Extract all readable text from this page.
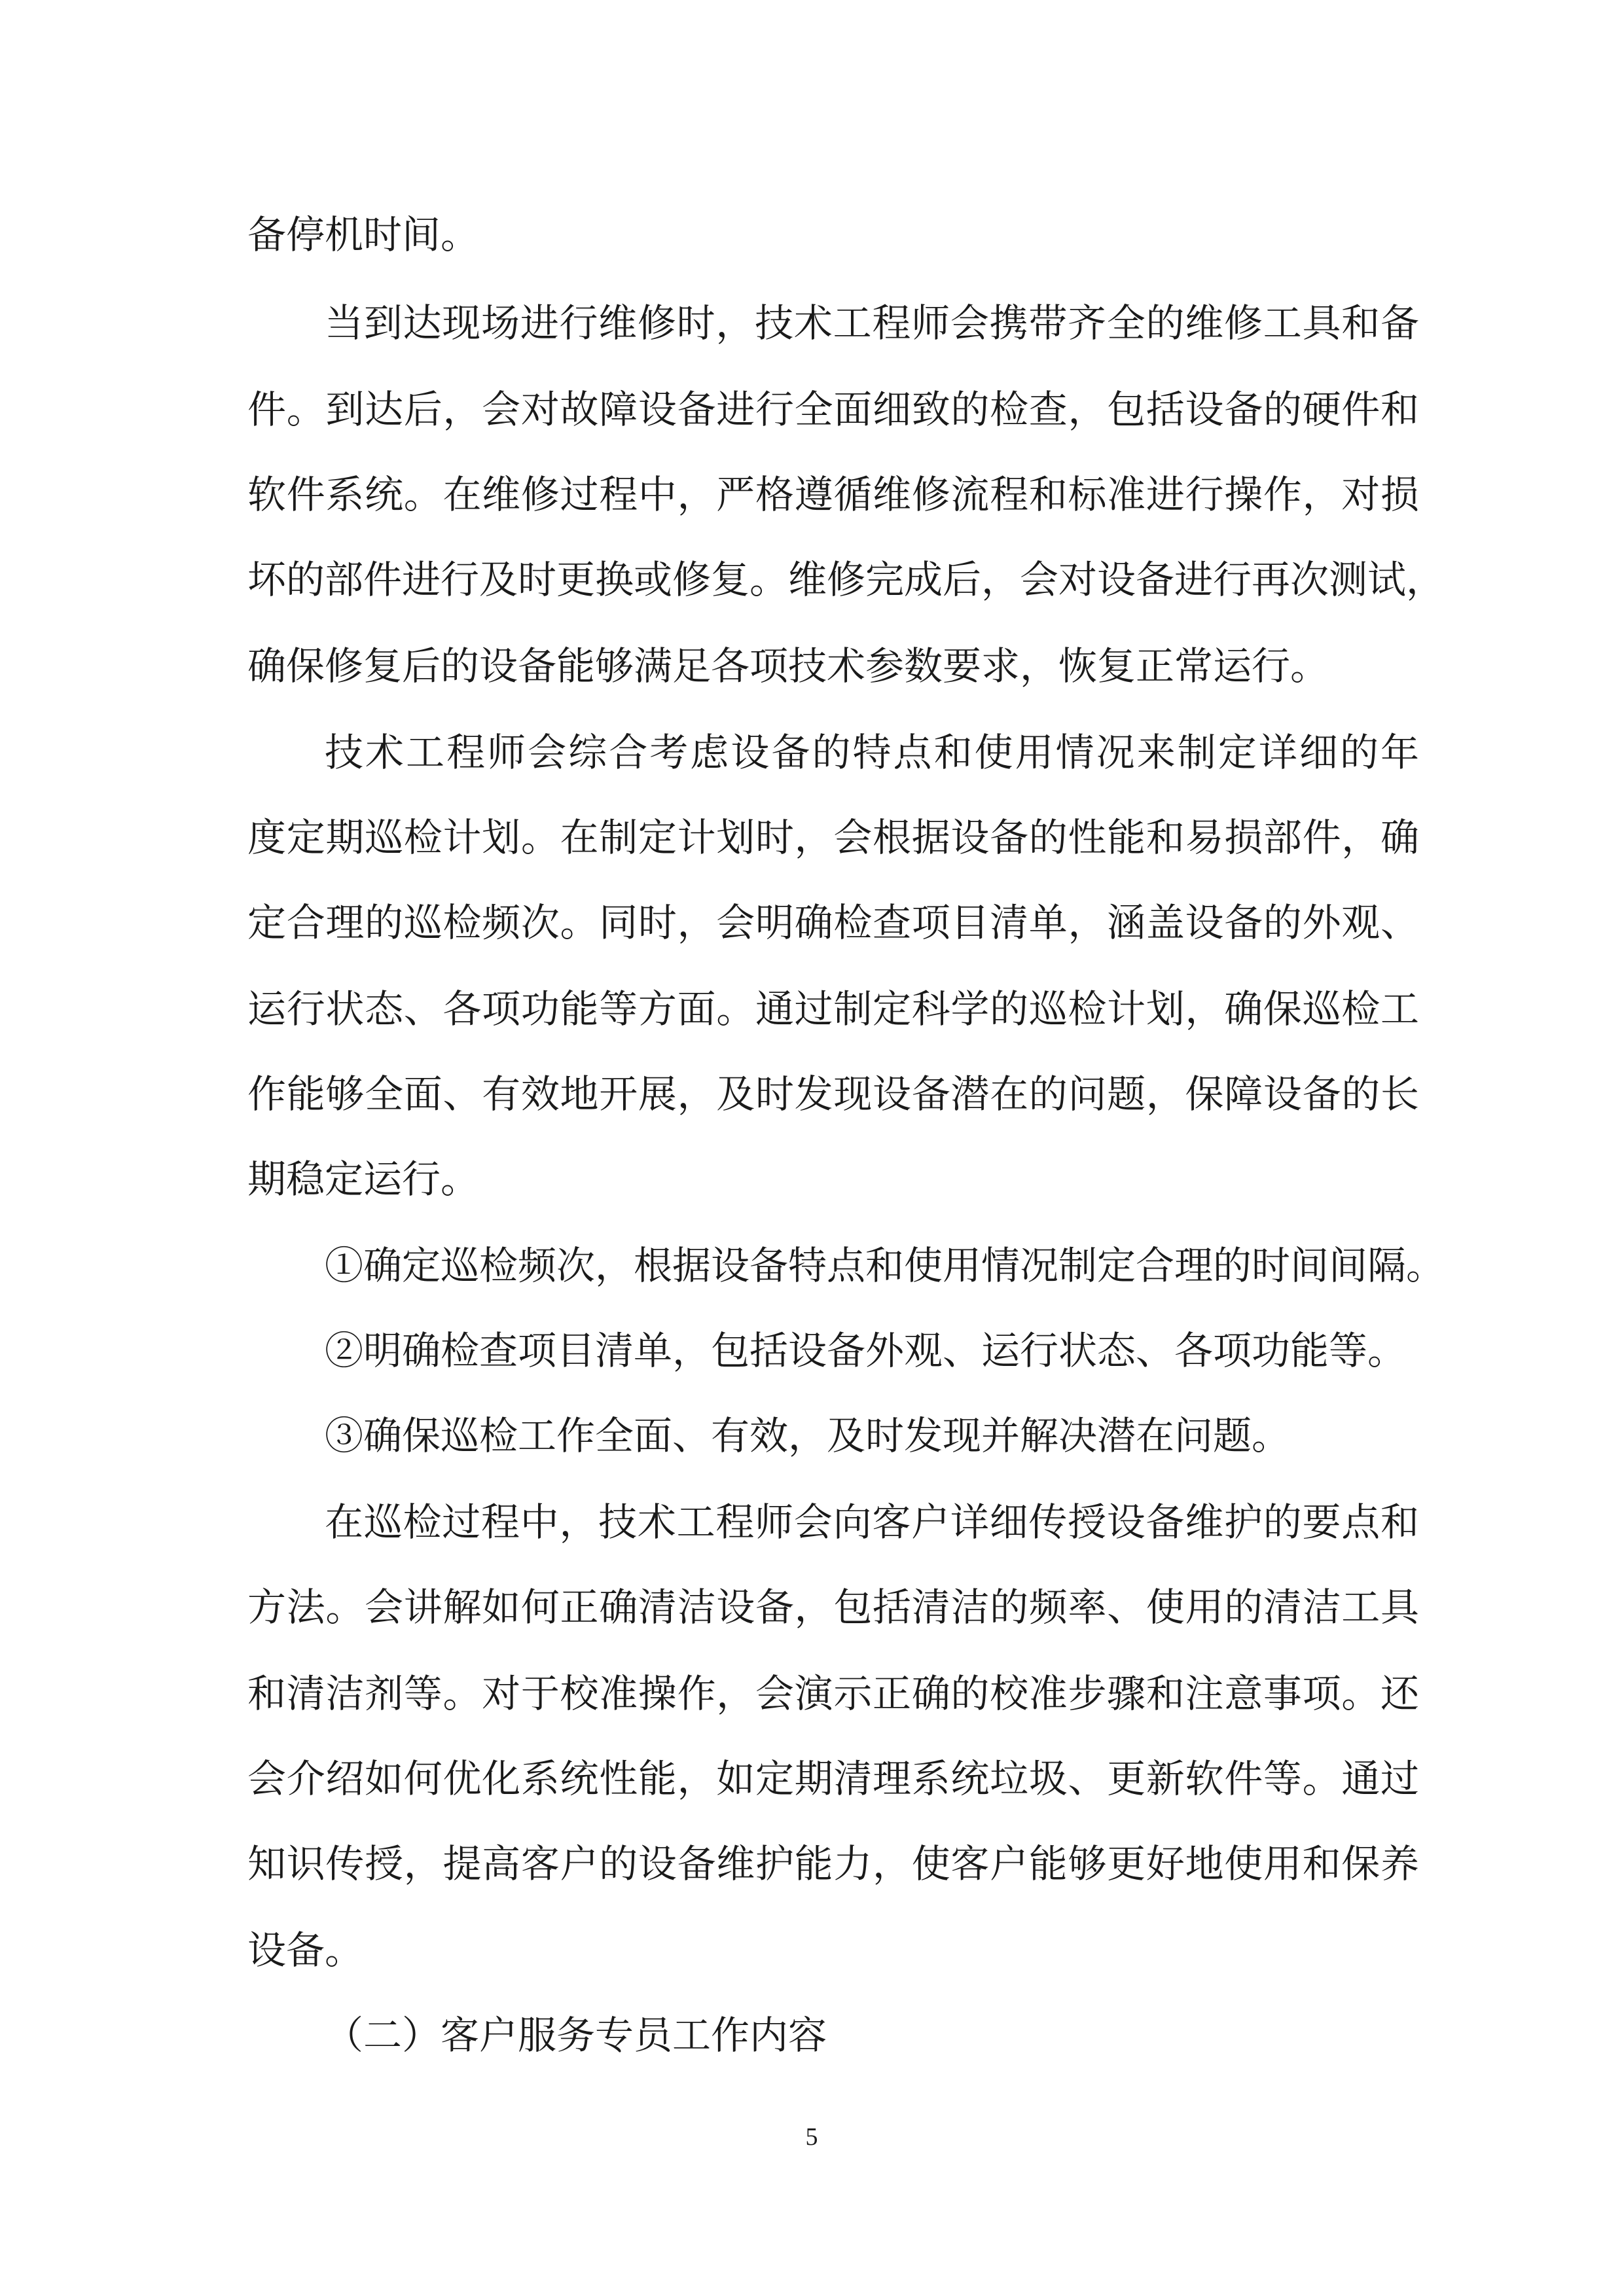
备停机时间。
当到达现场进行维修时，技术工程师会携带齐全的维修工具和备
件。到达后，会对故障设备进行全面细致的检查，包括设备的硬件和
软件系统。在维修过程中，严格遵循维修流程和标准进行操作，对损
坏的部件进行及时更换或修复。维修完成后，会对设备进行再次测试，
确保修复后的设备能够满足各项技术参数要求，恢复正常运行。
技术工程师会综合考虑设备的特点和使用情况来制定详细的年
度定期巡检计划。在制定计划时，会根据设备的性能和易损部件，确
定合理的巡检频次。同时，会明确检查项目清单，涵盖设备的外观、
运行状态、各项功能等方面。通过制定科学的巡检计划，确保巡检工
作能够全面、有效地开展，及时发现设备潜在的问题，保障设备的长
期稳定运行。
①确定巡检频次，根据设备特点和使用情况制定合理的时间间隔。
②明确检查项目清单，包括设备外观、运行状态、各项功能等。
③确保巡检工作全面、有效，及时发现并解决潜在问题。
在巡检过程中，技术工程师会向客户详细传授设备维护的要点和
方法。会讲解如何正确清洁设备，包括清洁的频率、使用的清洁工具
和清洁剂等。对于校准操作，会演示正确的校准步骤和注意事项。还
会介绍如何优化系统性能，如定期清理系统垃圾、更新软件等。通过
知识传授，提高客户的设备维护能力，使客户能够更好地使用和保养
设备。
（二）客户服务专员工作内容
5
